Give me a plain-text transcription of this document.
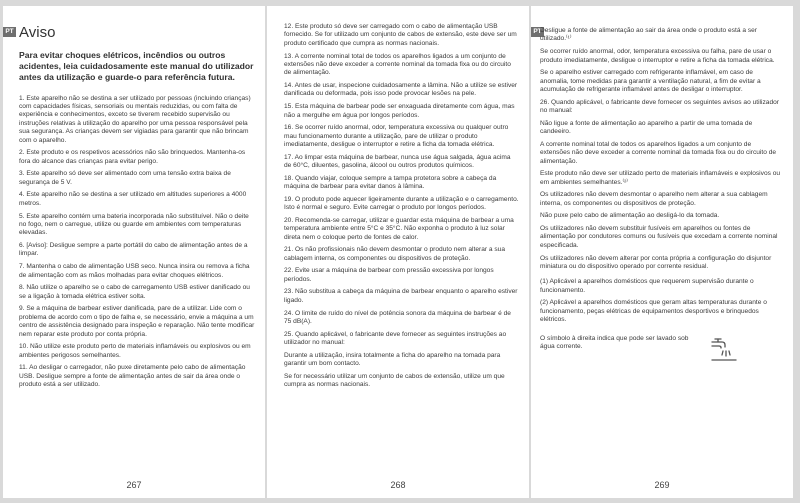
PT Aviso
Para evitar choques elétricos, incêndios ou outros acidentes, leia cuidadosamente este manual do utilizador antes da utilização e guarde-o para referência futura.
1. Este aparelho não se destina a ser utilizado por pessoas (incluindo crianças) com capacidades físicas, sensoriais ou mentais reduzidas, ou com falta de experiência e conhecimentos, exceto se tiverem recebido supervisão ou instruções relativas à utilização do aparelho por uma pessoa responsável pela sua segurança. As crianças devem ser vigiadas para garantir que não brincam com o aparelho.
2. Este produto e os respetivos acessórios não são brinquedos. Mantenha-os fora do alcance das crianças para evitar perigo.
3. Este aparelho só deve ser alimentado com uma tensão extra baixa de segurança de 5 V.
4. Este aparelho não se destina a ser utilizado em altitudes superiores a 4000 metros.
5. Este aparelho contém uma bateria incorporada não substituível. Não o deite no fogo, nem o carregue, utilize ou guarde em ambientes com temperaturas elevadas.
6. [Aviso]: Desligue sempre a parte portátil do cabo de alimentação antes de a limpar.
7. Mantenha o cabo de alimentação USB seco. Nunca insira ou remova a ficha de alimentação com as mãos molhadas para evitar choques elétricos.
8. Não utilize o aparelho se o cabo de carregamento USB estiver danificado ou se a ligação à tomada elétrica estiver solta.
9. Se a máquina de barbear estiver danificada, pare de a utilizar. Lide com o problema de acordo com o tipo de falha e, se necessário, envie a máquina a um centro de assistência designado para inspeção e reparação. Não tente modificar nem reparar este produto por conta própria.
10. Não utilize este produto perto de materiais inflamáveis ou explosivos ou em ambientes perigosos semelhantes.
11. Ao desligar o carregador, não puxe diretamente pelo cabo de alimentação USB. Desligue sempre a fonte de alimentação antes de sair da área onde o produto está a ser utilizado.
267
12. Este produto só deve ser carregado com o cabo de alimentação USB fornecido. Se for utilizado um conjunto de cabos de extensão, este deve ser um produto certificado que cumpra as normas nacionais.
13. A corrente nominal total de todos os aparelhos ligados a um conjunto de extensões não deve exceder a corrente nominal da tomada fixa ou do circuito de alimentação.
14. Antes de usar, inspecione cuidadosamente a lâmina. Não a utilize se estiver danificada ou deformada, pois isso pode provocar lesões na pele.
15. Esta máquina de barbear pode ser enxaguada diretamente com água, mas não a mergulhe em água por longos períodos.
16. Se ocorrer ruído anormal, odor, temperatura excessiva ou qualquer outro mau funcionamento durante a utilização, pare de utilizar o produto imediatamente, desligue o interruptor e retire a ficha da tomada elétrica.
17. Ao limpar esta máquina de barbear, nunca use água salgada, água acima de 60°C, diluentes, gasolina, álcool ou outros produtos químicos.
18. Quando viajar, coloque sempre a tampa protetora sobre a cabeça da máquina de barbear para evitar danos à lâmina.
19. O produto pode aquecer ligeiramente durante a utilização e o carregamento. Isto é normal e seguro. Evite carregar o produto por longos períodos.
20. Recomenda-se carregar, utilizar e guardar esta máquina de barbear a uma temperatura ambiente entre 5°C e 35°C. Não exponha o produto à luz solar direta nem o coloque perto de fontes de calor.
21. Os não profissionais não devem desmontar o produto nem alterar a sua cablagem interna, os componentes ou dispositivos de proteção.
22. Evite usar a máquina de barbear com pressão excessiva por longos períodos.
23. Não substitua a cabeça da máquina de barbear enquanto o aparelho estiver ligado.
24. O limite de ruído do nível de potência sonora da máquina de barbear é de 75 dB(A).
25. Quando aplicável, o fabricante deve fornecer as seguintes instruções ao utilizador no manual:
Durante a utilização, insira totalmente a ficha do aparelho na tomada para garantir um bom contacto.
Se for necessário utilizar um conjunto de cabos de extensão, utilize um que cumpra as normas nacionais.
268
PT
Desligue a fonte de alimentação ao sair da área onde o produto está a ser utilizado.⁽¹⁾
Se ocorrer ruído anormal, odor, temperatura excessiva ou falha, pare de usar o produto imediatamente, desligue o interruptor e retire a ficha da tomada elétrica.
Se o aparelho estiver carregado com refrigerante inflamável, em caso de anomalia, tome medidas para garantir a ventilação natural, a fim de evitar a acumulação de refrigerante inflamável antes de desligar o interruptor.
26. Quando aplicável, o fabricante deve fornecer os seguintes avisos ao utilizador no manual:
Não ligue a fonte de alimentação ao aparelho a partir de uma tomada de candeeiro.
A corrente nominal total de todos os aparelhos ligados a um conjunto de extensões não deve exceder a corrente nominal da tomada fixa ou do circuito de alimentação.
Este produto não deve ser utilizado perto de materiais inflamáveis e explosivos ou em ambientes semelhantes.⁽²⁾
Os utilizadores não devem desmontar o aparelho nem alterar a sua cablagem interna, os componentes ou dispositivos de proteção.
Não puxe pelo cabo de alimentação ao desligá-lo da tomada.
Os utilizadores não devem substituir fusíveis em aparelhos ou fontes de alimentação por condutores comuns ou fusíveis que excedam a corrente nominal especificada.
Os utilizadores não devem alterar por conta própria a configuração do disjuntor miniatura ou do dispositivo operado por corrente residual.
(1) Aplicável a aparelhos domésticos que requerem supervisão durante o funcionamento.
(2) Aplicável a aparelhos domésticos que geram altas temperaturas durante o funcionamento, peças elétricas de equipamentos desportivos e brinquedos elétricos.
O símbolo à direita indica que pode ser lavado sob água corrente.
269
